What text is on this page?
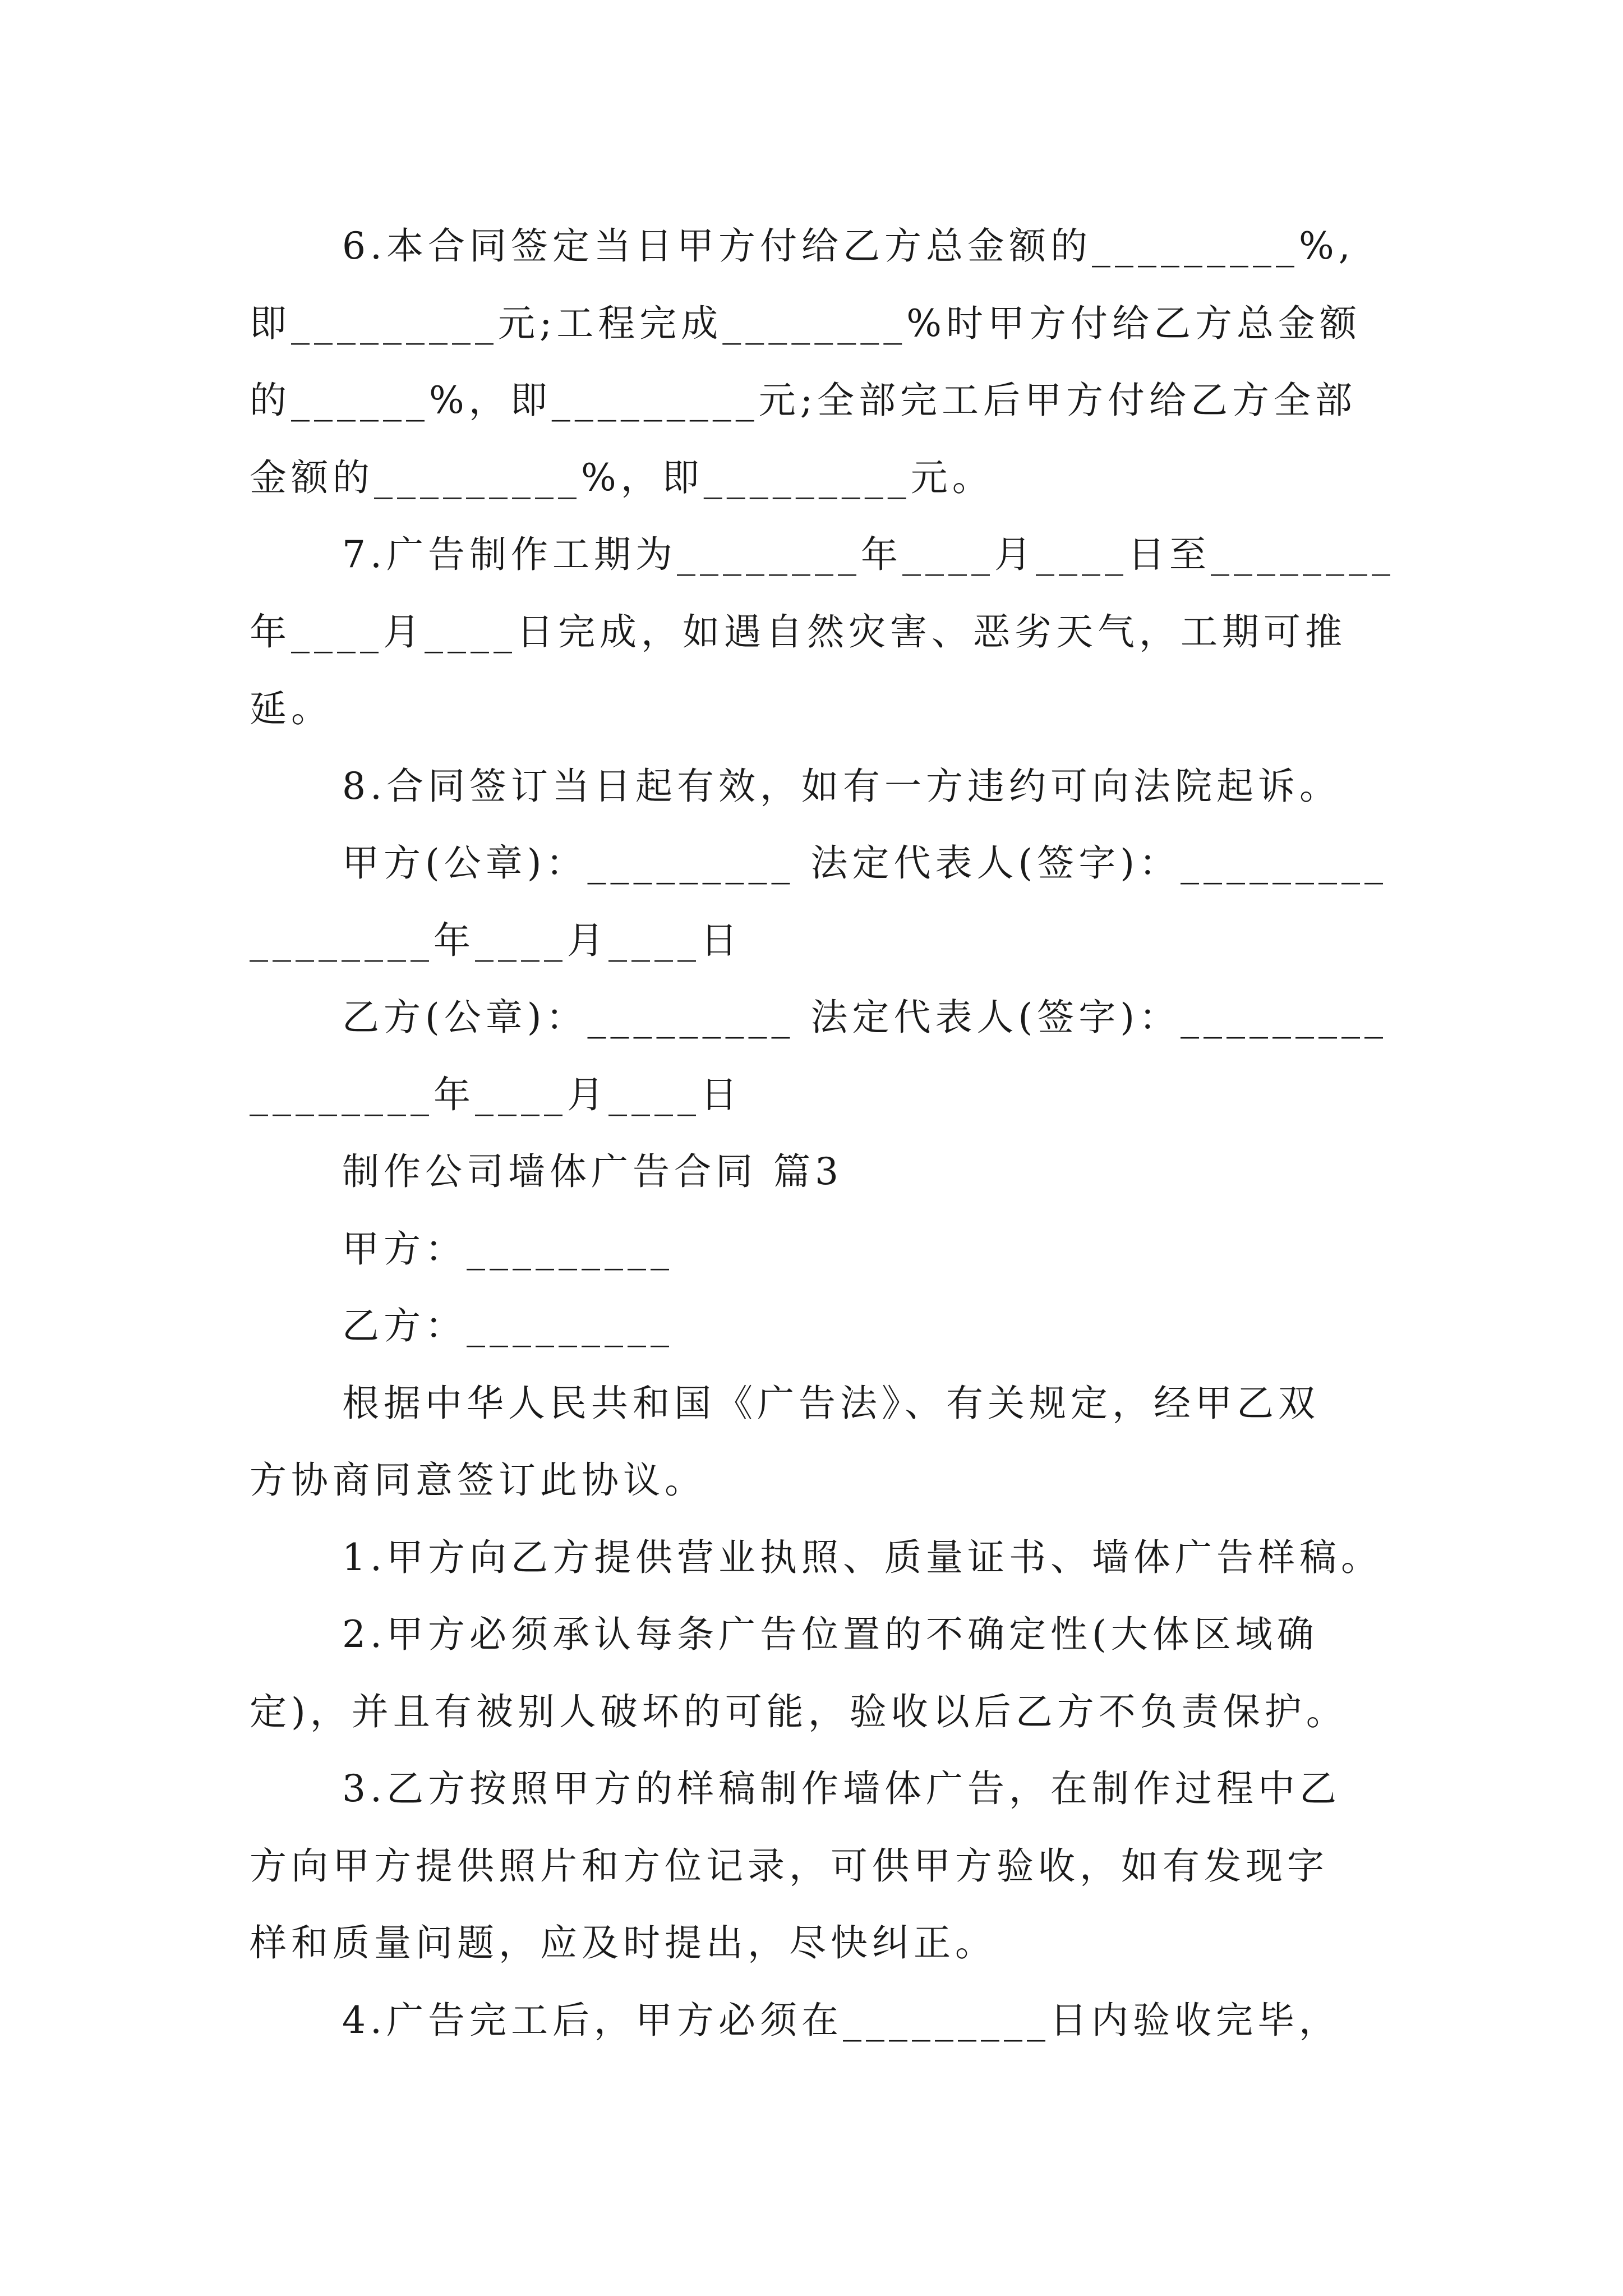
6.本合同签定当日甲方付给乙方总金额的_________%,
即_________元;工程完成________%时甲方付给乙方总金额
的______%，即_________元;全部完工后甲方付给乙方全部
金额的_________%，即_________元。
7.广告制作工期为________年____月____日至________
年____月____日完成，如遇自然灾害、恶劣天气，工期可推
延。
8.合同签订当日起有效，如有一方违约可向法院起诉。
甲方(公章)：_________ 法定代表人(签字)：_________
________年____月____日
乙方(公章)：_________ 法定代表人(签字)：_________
________年____月____日
制作公司墙体广告合同 篇3
甲方：_________
乙方：_________
根据中华人民共和国《广告法》、有关规定，经甲乙双
方协商同意签订此协议。
1.甲方向乙方提供营业执照、质量证书、墙体广告样稿。
2.甲方必须承认每条广告位置的不确定性(大体区域确
定)，并且有被别人破坏的可能，验收以后乙方不负责保护。
3.乙方按照甲方的样稿制作墙体广告，在制作过程中乙
方向甲方提供照片和方位记录，可供甲方验收，如有发现字
样和质量问题，应及时提出，尽快纠正。
4.广告完工后，甲方必须在_________日内验收完毕，
